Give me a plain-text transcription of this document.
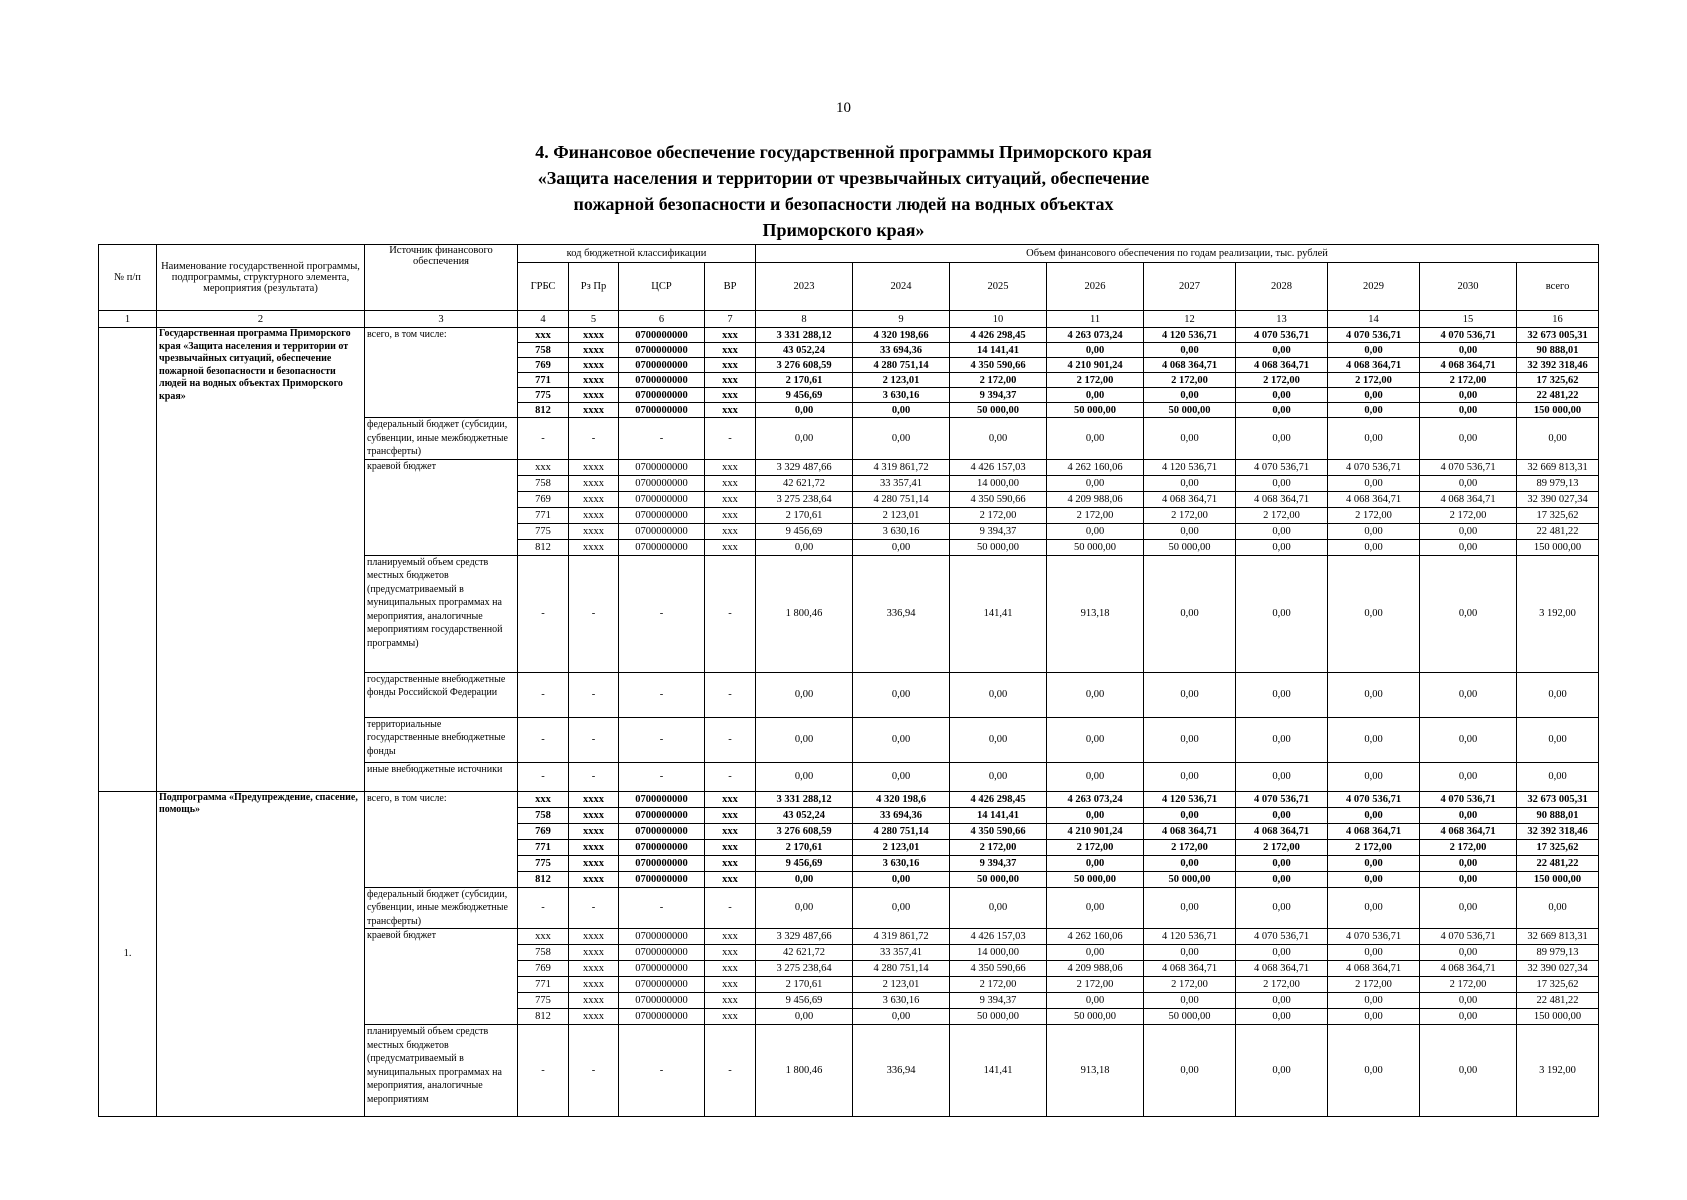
10
4. Финансовое обеспечение государственной программы Приморского края
«Защита населения и территории от чрезвычайных ситуаций, обеспечение
пожарной безопасности и безопасности людей на водных объектах
Приморского края»
№ п/п	Наименование государственной программы, подпрограммы, структурного элемента, мероприятия (результата)	Источник финансового обеспечения	код бюджетной классификации				Объем финансового обеспечения по годам реализации, тыс. рублей								
			ГРБС	Рз Пр	ЦСР	ВР	2023	2024	2025	2026	2027	2028	2029	2030	всего
1	2	3	4	5	6	7	8	9	10	11	12	13	14	15	16
	Государственная программа Приморского края «Защита населения и территории от чрезвычайных ситуаций, обеспечение пожарной безопасности и безопасности людей на водных объектах Приморского края»	всего, в том числе:	xxx	xxxx	0700000000	xxx	3 331 288,12	4 320 198,66	4 426 298,45	4 263 073,24	4 120 536,71	4 070 536,71	4 070 536,71	4 070 536,71	32 673 005,31
			758	xxxx	0700000000	xxx	43 052,24	33 694,36	14 141,41	0,00	0,00	0,00	0,00	0,00	90 888,01
			769	xxxx	0700000000	xxx	3 276 608,59	4 280 751,14	4 350 590,66	4 210 901,24	4 068 364,71	4 068 364,71	4 068 364,71	4 068 364,71	32 392 318,46
			771	xxxx	0700000000	xxx	2 170,61	2 123,01	2 172,00	2 172,00	2 172,00	2 172,00	2 172,00	2 172,00	17 325,62
			775	xxxx	0700000000	xxx	9 456,69	3 630,16	9 394,37	0,00	0,00	0,00	0,00	0,00	22 481,22
			812	xxxx	0700000000	xxx	0,00	0,00	50 000,00	50 000,00	50 000,00	0,00	0,00	0,00	150 000,00
		федеральный бюджет (субсидии, субвенции, иные межбюджетные трансферты)	-	-	-	-	0,00	0,00	0,00	0,00	0,00	0,00	0,00	0,00	0,00
		краевой бюджет	xxx	xxxx	0700000000	xxx	3 329 487,66	4 319 861,72	4 426 157,03	4 262 160,06	4 120 536,71	4 070 536,71	4 070 536,71	4 070 536,71	32 669 813,31
			758	xxxx	0700000000	xxx	42 621,72	33 357,41	14 000,00	0,00	0,00	0,00	0,00	0,00	89 979,13
			769	xxxx	0700000000	xxx	3 275 238,64	4 280 751,14	4 350 590,66	4 209 988,06	4 068 364,71	4 068 364,71	4 068 364,71	4 068 364,71	32 390 027,34
			771	xxxx	0700000000	xxx	2 170,61	2 123,01	2 172,00	2 172,00	2 172,00	2 172,00	2 172,00	2 172,00	17 325,62
			775	xxxx	0700000000	xxx	9 456,69	3 630,16	9 394,37	0,00	0,00	0,00	0,00	0,00	22 481,22
			812	xxxx	0700000000	xxx	0,00	0,00	50 000,00	50 000,00	50 000,00	0,00	0,00	0,00	150 000,00
		планируемый объем средств местных бюджетов (предусматриваемый в муниципальных программах на мероприятия, аналогичные мероприятиям государственной программы)	-	-	-	-	1 800,46	336,94	141,41	913,18	0,00	0,00	0,00	0,00	3 192,00
		государственные внебюджетные фонды Российской Федерации	-	-	-	-	0,00	0,00	0,00	0,00	0,00	0,00	0,00	0,00	0,00
		территориальные государственные внебюджетные фонды	-	-	-	-	0,00	0,00	0,00	0,00	0,00	0,00	0,00	0,00	0,00
		иные внебюджетные источники	-	-	-	-	0,00	0,00	0,00	0,00	0,00	0,00	0,00	0,00	0,00
1.	Подпрограмма «Предупреждение, спасение, помощь»	всего, в том числе:	xxx	xxxx	0700000000	xxx	3 331 288,12	4 320 198,6	4 426 298,45	4 263 073,24	4 120 536,71	4 070 536,71	4 070 536,71	4 070 536,71	32 673 005,31
			758	xxxx	0700000000	xxx	43 052,24	33 694,36	14 141,41	0,00	0,00	0,00	0,00	0,00	90 888,01
			769	xxxx	0700000000	xxx	3 276 608,59	4 280 751,14	4 350 590,66	4 210 901,24	4 068 364,71	4 068 364,71	4 068 364,71	4 068 364,71	32 392 318,46
			771	xxxx	0700000000	xxx	2 170,61	2 123,01	2 172,00	2 172,00	2 172,00	2 172,00	2 172,00	2 172,00	17 325,62
			775	xxxx	0700000000	xxx	9 456,69	3 630,16	9 394,37	0,00	0,00	0,00	0,00	0,00	22 481,22
			812	xxxx	0700000000	xxx	0,00	0,00	50 000,00	50 000,00	50 000,00	0,00	0,00	0,00	150 000,00
		федеральный бюджет (субсидии, субвенции, иные межбюджетные трансферты)	-	-	-	-	0,00	0,00	0,00	0,00	0,00	0,00	0,00	0,00	0,00
		краевой бюджет	xxx	xxxx	0700000000	xxx	3 329 487,66	4 319 861,72	4 426 157,03	4 262 160,06	4 120 536,71	4 070 536,71	4 070 536,71	4 070 536,71	32 669 813,31
			758	xxxx	0700000000	xxx	42 621,72	33 357,41	14 000,00	0,00	0,00	0,00	0,00	0,00	89 979,13
			769	xxxx	0700000000	xxx	3 275 238,64	4 280 751,14	4 350 590,66	4 209 988,06	4 068 364,71	4 068 364,71	4 068 364,71	4 068 364,71	32 390 027,34
			771	xxxx	0700000000	xxx	2 170,61	2 123,01	2 172,00	2 172,00	2 172,00	2 172,00	2 172,00	2 172,00	17 325,62
			775	xxxx	0700000000	xxx	9 456,69	3 630,16	9 394,37	0,00	0,00	0,00	0,00	0,00	22 481,22
			812	xxxx	0700000000	xxx	0,00	0,00	50 000,00	50 000,00	50 000,00	0,00	0,00	0,00	150 000,00
		планируемый объем средств местных бюджетов (предусматриваемый в муниципальных программах на мероприятия, аналогичные мероприятиям	-	-	-	-	1 800,46	336,94	141,41	913,18	0,00	0,00	0,00	0,00	3 192,00
